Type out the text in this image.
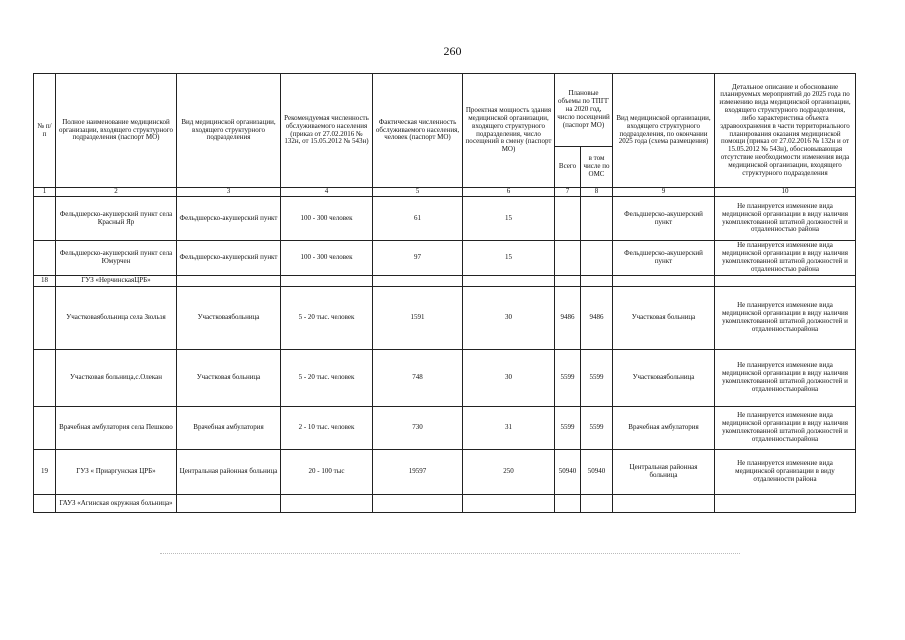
260
№ п/п	Полное наименование медицинской организации, входящего структурного подразделения (паспорт МО)	Вид медицинской организации, входящего структурного подразделения	Рекомендуемая численность обслуживаемого населения (приказ от 27.02.2016 № 132н, от 15.05.2012 № 543н)	Фактическая численность обслуживаемого населения, человек (паспорт МО)	Проектная мощность здания медицинской организации, входящего структурного подразделения, число посещений в смену (паспорт МО)	Плановые объемы по ТПГГ на 2020 год, число посещений (паспорт МО)		Вид медицинской организации, входящего структурного подразделения, по окончании 2025 года (схема размещения)	Детальное описание и обоснование планируемых мероприятий до 2025 года по изменению вида медицинской организации, входящего структурного подразделения, либо характеристика объекта здравоохранения в части территориального планирования оказания медицинской помощи (приказ от 27.02.2016 № 132н и от 15.05.2012 № 543н), обосновывающая отсутствие необходимости изменения вида медицинской организации, входящего структурного подразделения
						Всего	в том числе по ОМС		
1	2	3	4	5	6	7	8	9	10
	Фельдшерско-акушерский пункт села Красный Яр	Фельдшерско-акушерский пункт	100 - 300 человек	61	15			Фельдшерско-акушерский пункт	Не планируется изменение вида медицинской организации в виду наличия укомплектованной штатной должностей и отдаленностью района
	Фельдшерско-акушерский пункт села Юмурчен	Фельдшерско-акушерский пункт	100 - 300 человек	97	15			Фельдшерско-акушерский пункт	Не планируется изменение вида медицинской организации в виду наличия укомплектованной штатной должностей и отдаленностью района
18	ГУЗ «НерчинскаяЦРБ»								
	Участковаябольница села Зюльзя	Участковаябольница	5 - 20 тыс. человек	1591	30	9486	9486	Участковая больница	Не планируется изменение вида медицинской организации в виду наличия укомплектованной штатной должностей и отдаленностьюрайона
	Участковая больница,с.Олекан	Участковая больница	5 - 20 тыс. человек	748	30	5599	5599	Участковаябольница	Не планируется изменение вида медицинской организации в виду наличия укомплектованной штатной должностей и отдаленностьюрайона
	Врачебная амбулатория села Пешково	Врачебная амбулатория	2 - 10 тыс. человек	730	31	5599	5599	Врачебная амбулатория	Не планируется изменение вида медицинской организации в виду наличия укомплектованной штатной должностей и отдаленностьюрайона
19	ГУЗ « Приаргунская ЦРБ»	Центральная районная больница	20 - 100 тыс	19597	250	50940	50940	Центральная районная больница	Не планируется изменение вида медицинской организации в виду отдаленности района
	ГАУЗ «Агинская окружная больница»								
